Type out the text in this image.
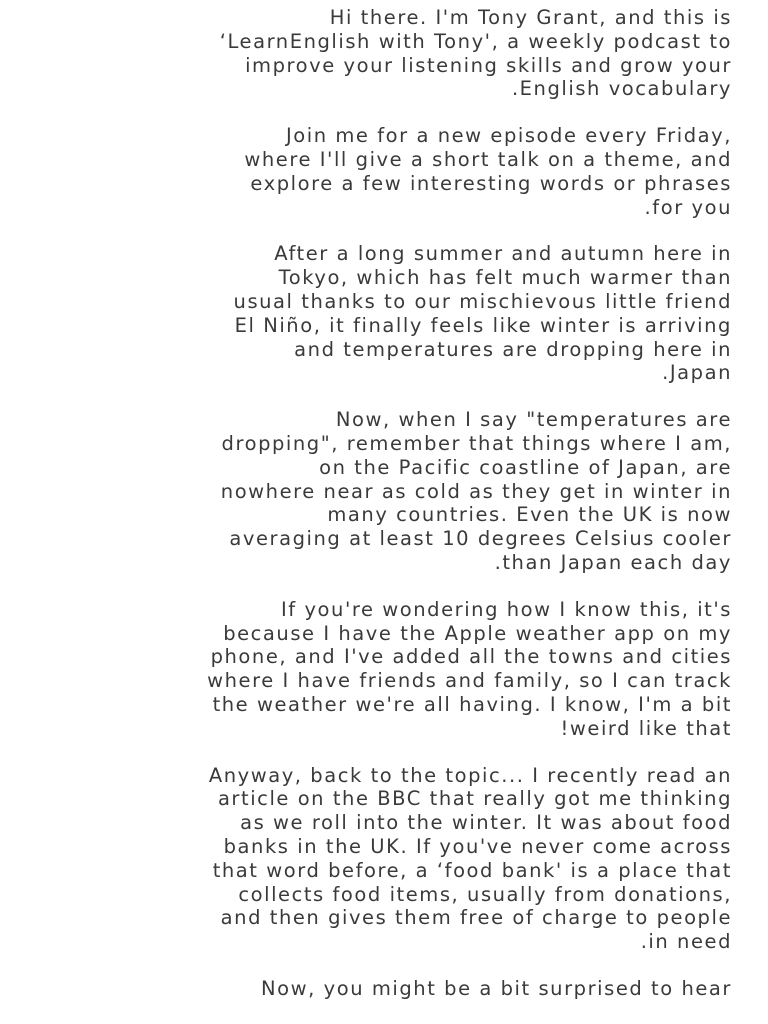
Hi there. I'm Tony Grant, and this is
‘LearnEnglish with Tony', a weekly podcast to
improve your listening skills and grow your
.English vocabulary
Join me for a new episode every Friday,
where I'll give a short talk on a theme, and
explore a few interesting words or phrases
.for you
After a long summer and autumn here in
Tokyo, which has felt much warmer than
usual thanks to our mischievous little friend
El Niño, it finally feels like winter is arriving
and temperatures are dropping here in
.Japan
Now, when I say "temperatures are
dropping", remember that things where I am,
on the Pacific coastline of Japan, are
nowhere near as cold as they get in winter in
many countries. Even the UK is now
averaging at least 10 degrees Celsius cooler
.than Japan each day
If you're wondering how I know this, it's
because I have the Apple weather app on my
phone, and I've added all the towns and cities
where I have friends and family, so I can track
the weather we're all having. I know, I'm a bit
!weird like that
Anyway, back to the topic... I recently read an
article on the BBC that really got me thinking
as we roll into the winter. It was about food
banks in the UK. If you've never come across
that word before, a ‘food bank' is a place that
collects food items, usually from donations,
and then gives them free of charge to people
.in need
Now, you might be a bit surprised to hear
